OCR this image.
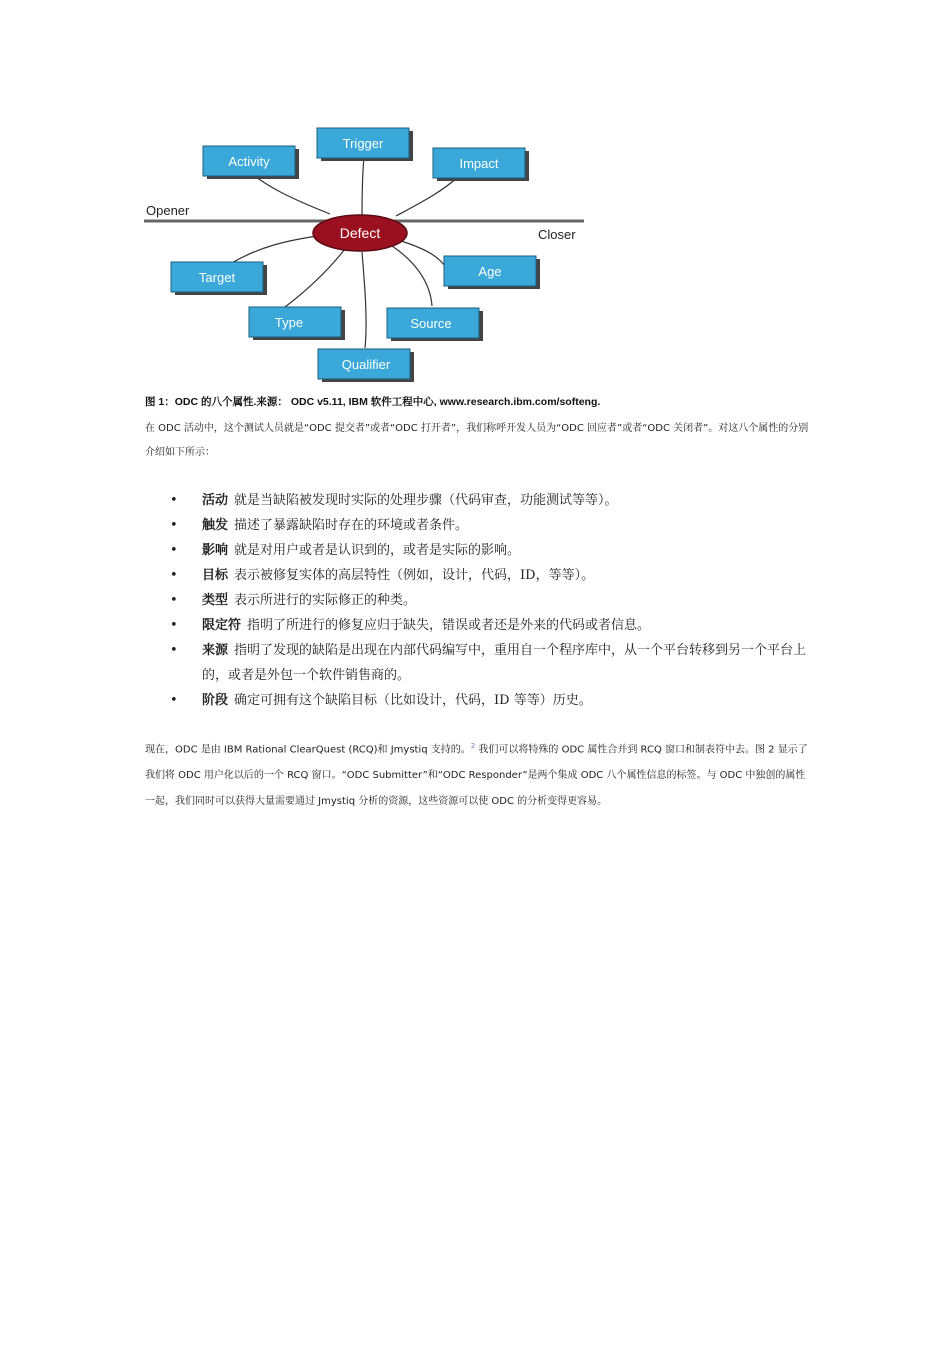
Opener
Closer
Defect
Activity
Trigger
Impact
Target	Age
Type	Source
Qualifier
图 1：ODC 的八个属性.来源： ODC v5.11, IBM 软件工程中心, www.research.ibm.com/softeng.
在 ODC 活动中，这个测试人员就是“ODC 提交者”或者“ODC 打开者”，我们称呼开发人员为“ODC 回应者”或者“ODC 关闭者”。对这八个属性的分别介绍如下所示：
• 活动 就是当缺陷被发现时实际的处理步骤（代码审查，功能测试等等）。
• 触发 描述了暴露缺陷时存在的环境或者条件。
• 影响 就是对用户或者是认识到的，或者是实际的影响。
• 目标 表示被修复实体的高层特性（例如，设计，代码，ID，等等）。
• 类型 表示所进行的实际修正的种类。
• 限定符 指明了所进行的修复应归于缺失，错误或者还是外来的代码或者信息。
• 来源 指明了发现的缺陷是出现在内部代码编写中，重用自一个程序库中，从一个平台转移到另一个平台上的，或者是外包一个软件销售商的。
• 阶段 确定可拥有这个缺陷目标（比如设计，代码，ID 等等）历史。
现在，ODC 是由 IBM Rational ClearQuest (RCQ)和 Jmystiq 支持的。$^2$ 我们可以将特殊的 ODC 属性合并到 RCQ 窗口和制表符中去。图 2 显示了我们将 ODC 用户化以后的一个 RCQ 窗口。“ODC Submitter”和“ODC Responder”是两个集成 ODC 八个属性信息的标签。与 ODC 中独创的属性一起，我们同时可以获得大量需要通过 Jmystiq 分析的资源，这些资源可以使 ODC 的分析变得更容易。
